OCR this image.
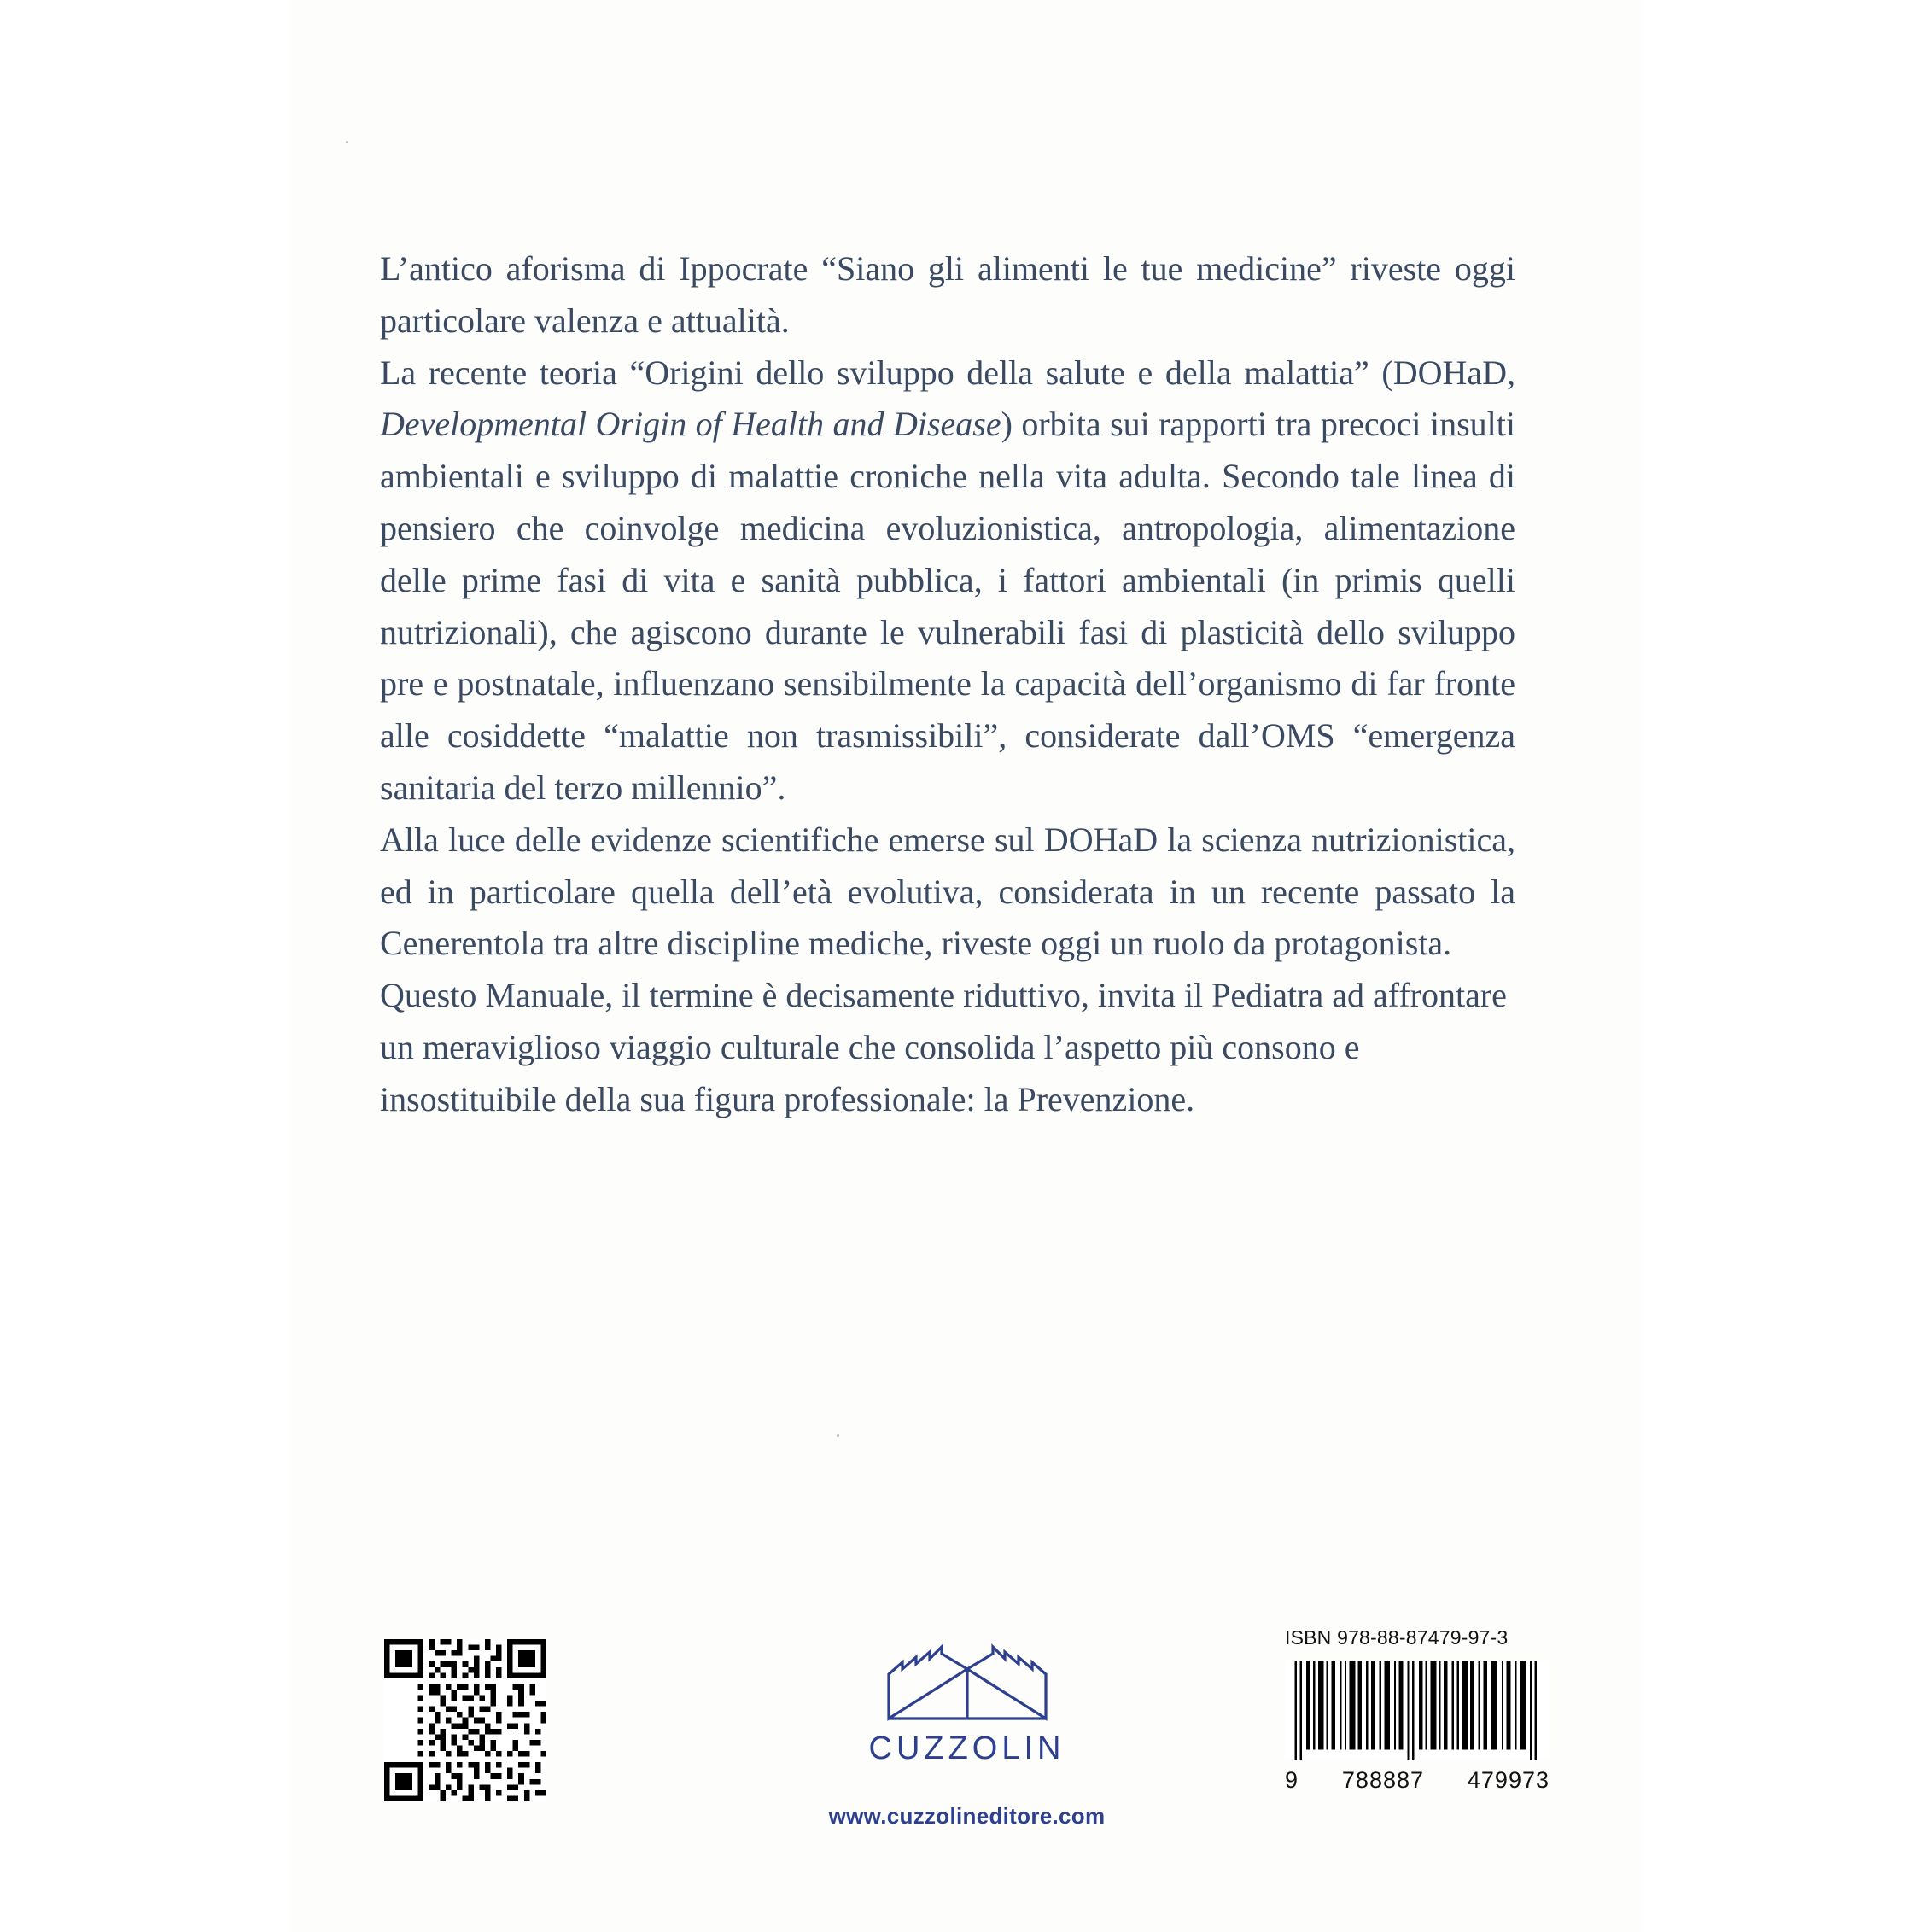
L’antico aforisma di Ippocrate “Siano gli alimenti le tue medicine” riveste oggi particolare valenza e attualità.

La recente teoria “Origini dello sviluppo della salute e della malattia” (DOHaD, Developmental Origin of Health and Disease) orbita sui rapporti tra precoci insulti ambientali e sviluppo di malattie croniche nella vita adulta. Secondo tale linea di pensiero che coinvolge medicina evoluzionistica, antropologia, alimentazione delle prime fasi di vita e sanità pubblica, i fattori ambientali (in primis quelli nutrizionali), che agiscono durante le vulnerabili fasi di plasticità dello sviluppo pre e postnatale, influenzano sensibilmente la capacità dell’organismo di far fronte alle cosiddette “malattie non trasmissibili”, considerate dall’OMS “emergenza sanitaria del terzo millennio”.

Alla luce delle evidenze scientifiche emerse sul DOHaD la scienza nutrizionistica, ed in particolare quella dell’età evolutiva, considerata in un recente passato la Cenerentola tra altre discipline mediche, riveste oggi un ruolo da protagonista.

Questo Manuale, il termine è decisamente riduttivo, invita il Pediatra ad affrontare un meraviglioso viaggio culturale che consolida l’aspetto più consono e insostituibile della sua figura professionale: la Prevenzione.

CUZZOLIN
www.cuzzolineditore.com
ISBN 978-88-87479-97-3
9 788887 479973
